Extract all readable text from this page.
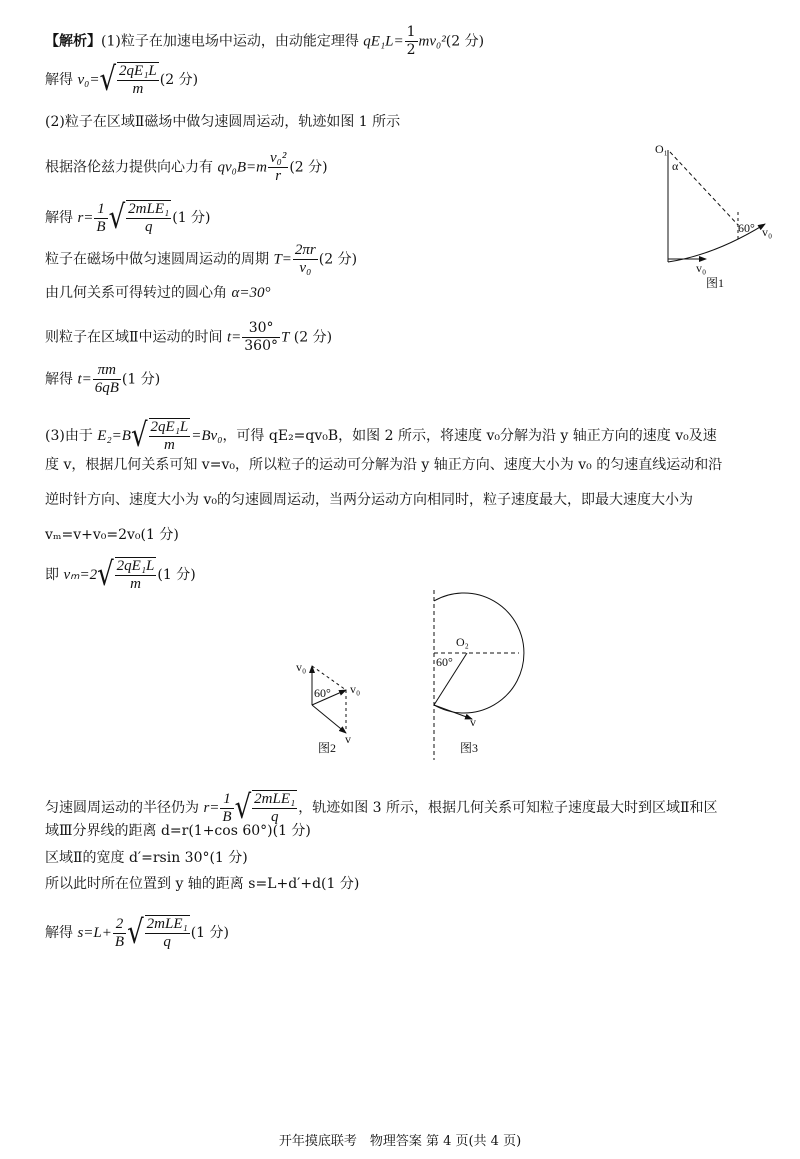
【解析】(1)粒子在加速电场中运动，由动能定理得 $qE_1L= \frac{1}{2} mv_0^2(2$ 分)
解得 v₀= √ $\frac{\text{2qE₁L}}{m} (2$ 分)
(2)粒子在区域Ⅱ磁场中做匀速圆周运动，轨迹如图 1 所示
根据洛伦兹力提供向心力有 $qv_0B=m \frac{\text{v₀²}}{r} (2$ 分)
解得 $r= \frac{1}{B}$ √ $\frac{\text{2mLE₁}}{q} (1$ 分)
粒子在磁场中做匀速圆周运动的周期 $T= \frac{2\pi r}{\text{v₀}} (2$ 分)
由几何关系可得转过的圆心角 α=30°
则粒子在区域Ⅱ中运动的时间 $t= \frac{30^\circ}{360^\circ}$ T (2 分)
解得 $t= \frac{\pi m}{6qB} (1$ 分)
(3)由于 E₂=B √ $\frac{\text{2qE₁L}}{m} =Bv_0$，可得 qE₂=qv₀B，如图 2 所示，将速度 v₀分解为沿 y 轴正方向的速度 v₀及速
度 v，根据几何关系可知 v=v₀，所以粒子的运动可分解为沿 y 轴正方向、速度大小为 v₀ 的匀速直线运动和沿
逆时针方向、速度大小为 v₀的匀速圆周运动，当两分运动方向相同时，粒子速度最大，即最大速度大小为
vₘ=v+v₀=2v₀(1 分)
即 vₘ=2 √ $\frac{\text{2qE₁L}}{m} (1$ 分)
匀速圆周运动的半径仍为 $r= \frac{1}{B}$ √ $\frac{\text{2mLE₁}}{q}$ ，轨迹如图 3 所示，根据几何关系可知粒子速度最大时到区域Ⅱ和区
域Ⅲ分界线的距离 d=r(1+cos 60°)(1 分)
区域Ⅱ的宽度 d′=rsin 30°(1 分)
所以此时所在位置到 y 轴的距离 s=L+d′+d(1 分)
解得 $s=L+ \frac{2}{B}$ √ $\frac{\text{2mLE₁}}{q} (1$ 分)
O₁
α
60° v₀
v₀
图1
v₀
60° v₀
v
图2
O₂
60°
v
图3
开年摸底联考　物理答案 第 4 页(共 4 页)
